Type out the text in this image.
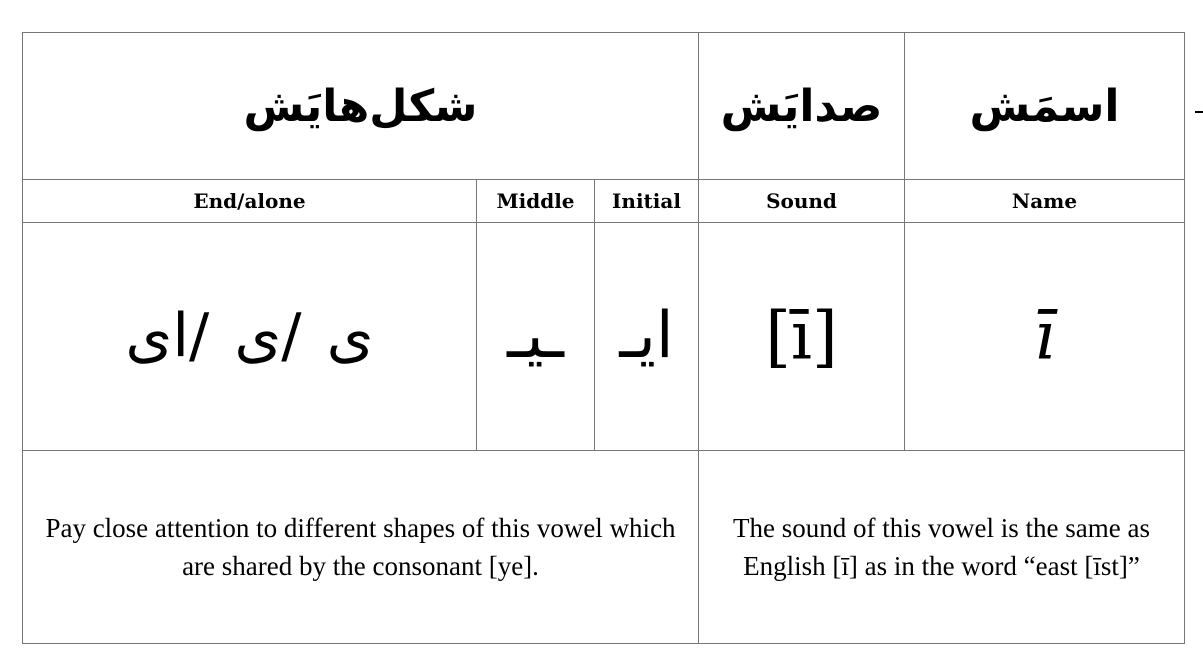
شکل‌هایَش			صدایَش	اسمَش
End/alone	Middle	Initial	Sound	Name
ی /ی /ای	ـیـ	ایـ	[ī]	ī

Pay close attention to different shapes of this vowel which are shared by the consonant [ye].			The sound of this vowel is the same as English [ī] as in the word “east [īst]”	
